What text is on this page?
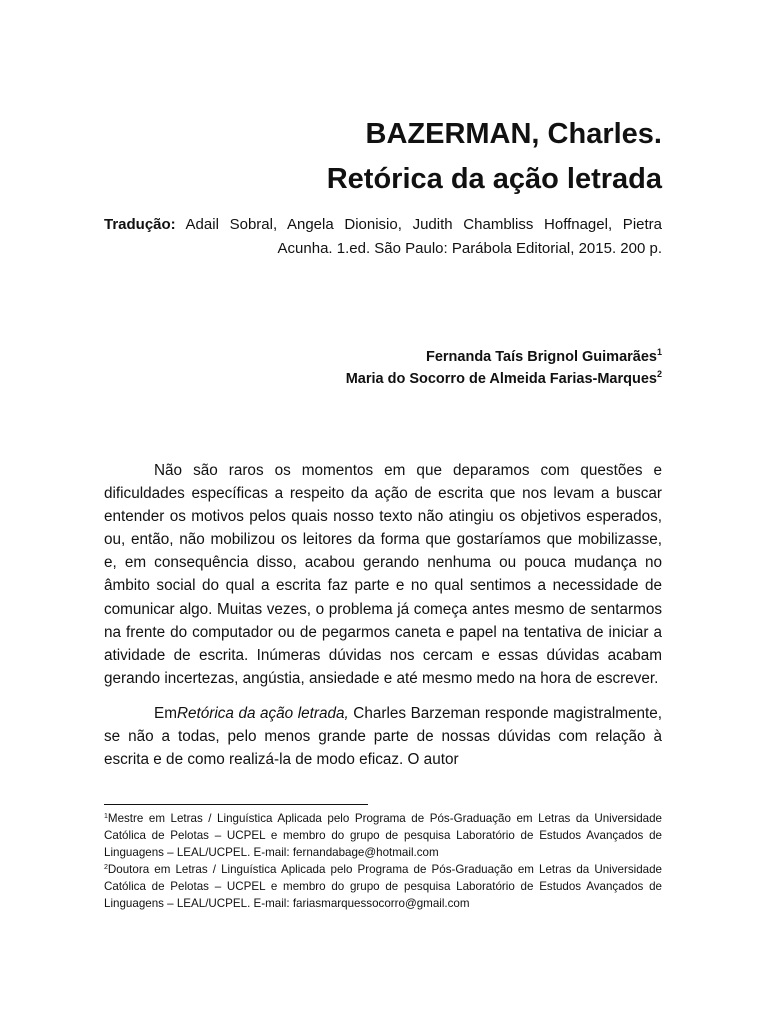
BAZERMAN, Charles.
Retórica da ação letrada
Tradução: Adail Sobral, Angela Dionisio, Judith Chambliss Hoffnagel, Pietra Acunha. 1.ed. São Paulo: Parábola Editorial, 2015. 200 p.
Fernanda Taís Brignol Guimarães$^1$
Maria do Socorro de Almeida Farias-Marques$^2$

Não são raros os momentos em que deparamos com questões e dificuldades específicas a respeito da ação de escrita que nos levam a buscar entender os motivos pelos quais nosso texto não atingiu os objetivos esperados, ou, então, não mobilizou os leitores da forma que gostaríamos que mobilizasse, e, em consequência disso, acabou gerando nenhuma ou pouca mudança no âmbito social do qual a escrita faz parte e no qual sentimos a necessidade de comunicar algo. Muitas vezes, o problema já começa antes mesmo de sentarmos na frente do computador ou de pegarmos caneta e papel na tentativa de iniciar a atividade de escrita. Inúmeras dúvidas nos cercam e essas dúvidas acabam gerando incertezas, angústia, ansiedade e até mesmo medo na hora de escrever.

EmRetórica da ação letrada, Charles Barzeman responde magistralmente, se não a todas, pelo menos grande parte de nossas dúvidas com relação à escrita e de como realizá-la de modo eficaz. O autor

$^1$Mestre em Letras / Linguística Aplicada pelo Programa de Pós-Graduação em Letras da Universidade Católica de Pelotas – UCPEL e membro do grupo de pesquisa Laboratório de Estudos Avançados de Linguagens – LEAL/UCPEL. E-mail: fernandabage@hotmail.com

$^2$Doutora em Letras / Linguística Aplicada pelo Programa de Pós-Graduação em Letras da Universidade Católica de Pelotas – UCPEL e membro do grupo de pesquisa Laboratório de Estudos Avançados de Linguagens – LEAL/UCPEL. E-mail: fariasmarquessocorro@gmail.com
